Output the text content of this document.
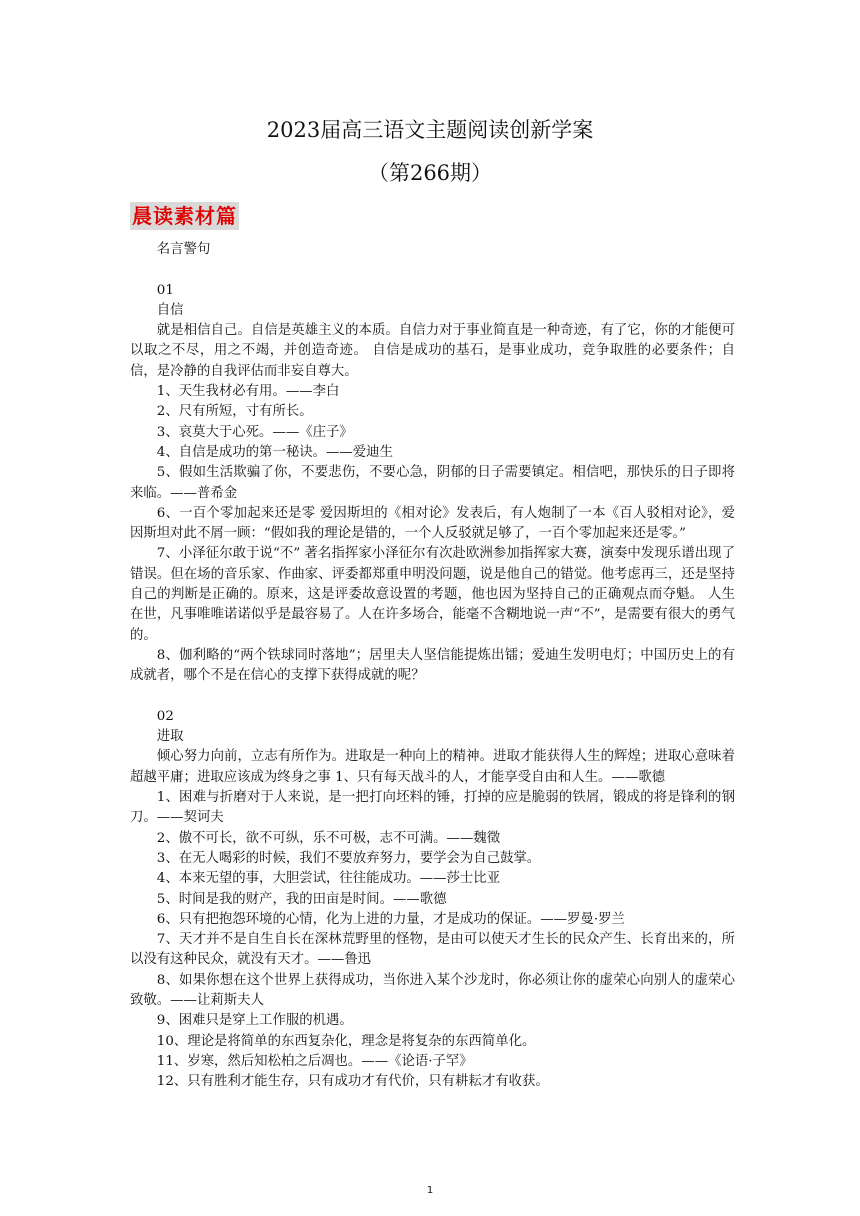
2023届高三语文主题阅读创新学案
（第266期）
晨读素材篇

名言警句

01

自信

就是相信自己。自信是英雄主义的本质。自信力对于事业简直是一种奇迹，有了它，你的才能便可以取之不尽，用之不竭，并创造奇迹。 自信是成功的基石，是事业成功，竞争取胜的必要条件；自信，是冷静的自我评估而非妄自尊大。

1、天生我材必有用。——李白

2、尺有所短，寸有所长。

3、哀莫大于心死。——《庄子》

4、自信是成功的第一秘诀。——爱迪生

5、假如生活欺骗了你，不要悲伤，不要心急，阴郁的日子需要镇定。相信吧，那快乐的日子即将来临。——普希金

6、一百个零加起来还是零 爱因斯坦的《相对论》发表后，有人炮制了一本《百人驳相对论》，爱因斯坦对此不屑一顾：“假如我的理论是错的，一个人反驳就足够了，一百个零加起来还是零。”

7、小泽征尔敢于说“不” 著名指挥家小泽征尔有次赴欧洲参加指挥家大赛，演奏中发现乐谱出现了错误。但在场的音乐家、作曲家、评委都郑重申明没问题，说是他自己的错觉。他考虑再三，还是坚持自己的判断是正确的。原来，这是评委故意设置的考题，他也因为坚持自己的正确观点而夺魁。 人生在世，凡事唯唯诺诺似乎是最容易了。人在许多场合，能毫不含糊地说一声“不”，是需要有很大的勇气的。

8、伽利略的“两个铁球同时落地”；居里夫人坚信能提炼出镭；爱迪生发明电灯；中国历史上的有成就者，哪个不是在信心的支撑下获得成就的呢？

02

进取

倾心努力向前，立志有所作为。进取是一种向上的精神。进取才能获得人生的辉煌；进取心意味着超越平庸；进取应该成为终身之事 1、只有每天战斗的人，才能享受自由和人生。——歌德

1、困难与折磨对于人来说，是一把打向坯料的锤，打掉的应是脆弱的铁屑，锻成的将是锋利的钢刀。——契诃夫

2、傲不可长，欲不可纵，乐不可极，志不可满。——魏徵

3、在无人喝彩的时候，我们不要放弃努力，要学会为自己鼓掌。

4、本来无望的事，大胆尝试，往往能成功。——莎士比亚

5、时间是我的财产，我的田亩是时间。——歌德

6、只有把抱怨环境的心情，化为上进的力量，才是成功的保证。——罗曼·罗兰

7、天才并不是自生自长在深林荒野里的怪物，是由可以使天才生长的民众产生、长育出来的，所以没有这种民众，就没有天才。——鲁迅

8、如果你想在这个世界上获得成功，当你进入某个沙龙时，你必须让你的虚荣心向别人的虚荣心致敬。——让莉斯夫人

9、困难只是穿上工作服的机遇。

10、理论是将简单的东西复杂化，理念是将复杂的东西简单化。

11、岁寒，然后知松柏之后凋也。——《论语·子罕》

12、只有胜利才能生存，只有成功才有代价，只有耕耘才有收获。

1
